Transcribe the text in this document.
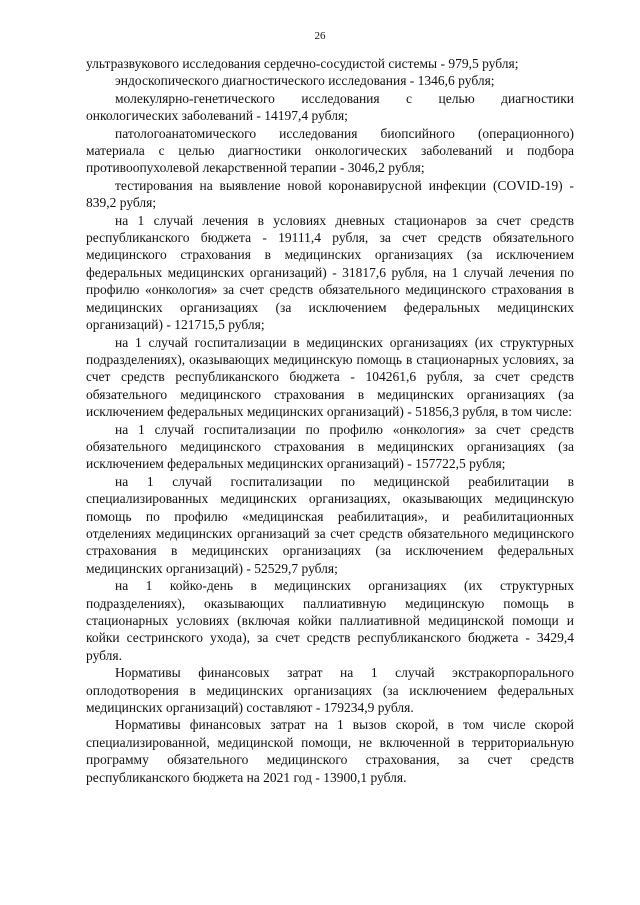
26

ультразвукового исследования сердечно-сосудистой системы - 979,5 рубля;

эндоскопического диагностического исследования - 1346,6 рубля;

молекулярно-генетического исследования с целью диагностики онкологических заболеваний - 14197,4 рубля;

патологоанатомического исследования биопсийного (операционного) материала с целью диагностики онкологических заболеваний и подбора противоопухолевой лекарственной терапии - 3046,2 рубля;

тестирования на выявление новой коронавирусной инфекции (COVID-19) - 839,2 рубля;

на 1 случай лечения в условиях дневных стационаров за счет средств республиканского бюджета - 19111,4 рубля, за счет средств обязательного медицинского страхования в медицинских организациях (за исключением федеральных медицинских организаций) - 31817,6 рубля, на 1 случай лечения по профилю «онкология» за счет средств обязательного медицинского страхования в медицинских организациях (за исключением федеральных медицинских организаций) - 121715,5 рубля;

на 1 случай госпитализации в медицинских организациях (их структурных подразделениях), оказывающих медицинскую помощь в стационарных условиях, за счет средств республиканского бюджета - 104261,6 рубля, за счет средств обязательного медицинского страхования в медицинских организациях (за исключением федеральных медицинских организаций) - 51856,3 рубля, в том числе:

на 1 случай госпитализации по профилю «онкология» за счет средств обязательного медицинского страхования в медицинских организациях (за исключением федеральных медицинских организаций) - 157722,5 рубля;

на 1 случай госпитализации по медицинской реабилитации в специализированных медицинских организациях, оказывающих медицинскую помощь по профилю «медицинская реабилитация», и реабилитационных отделениях медицинских организаций за счет средств обязательного медицинского страхования в медицинских организациях (за исключением федеральных медицинских организаций) - 52529,7 рубля;

на 1 койко-день в медицинских организациях (их структурных подразделениях), оказывающих паллиативную медицинскую помощь в стационарных условиях (включая койки паллиативной медицинской помощи и койки сестринского ухода), за счет средств республиканского бюджета - 3429,4 рубля.

Нормативы финансовых затрат на 1 случай экстракорпорального оплодотворения в медицинских организациях (за исключением федеральных медицинских организаций) составляют - 179234,9 рубля.

Нормативы финансовых затрат на 1 вызов скорой, в том числе скорой специализированной, медицинской помощи, не включенной в территориальную программу обязательного медицинского страхования, за счет средств республиканского бюджета на 2021 год - 13900,1 рубля.
